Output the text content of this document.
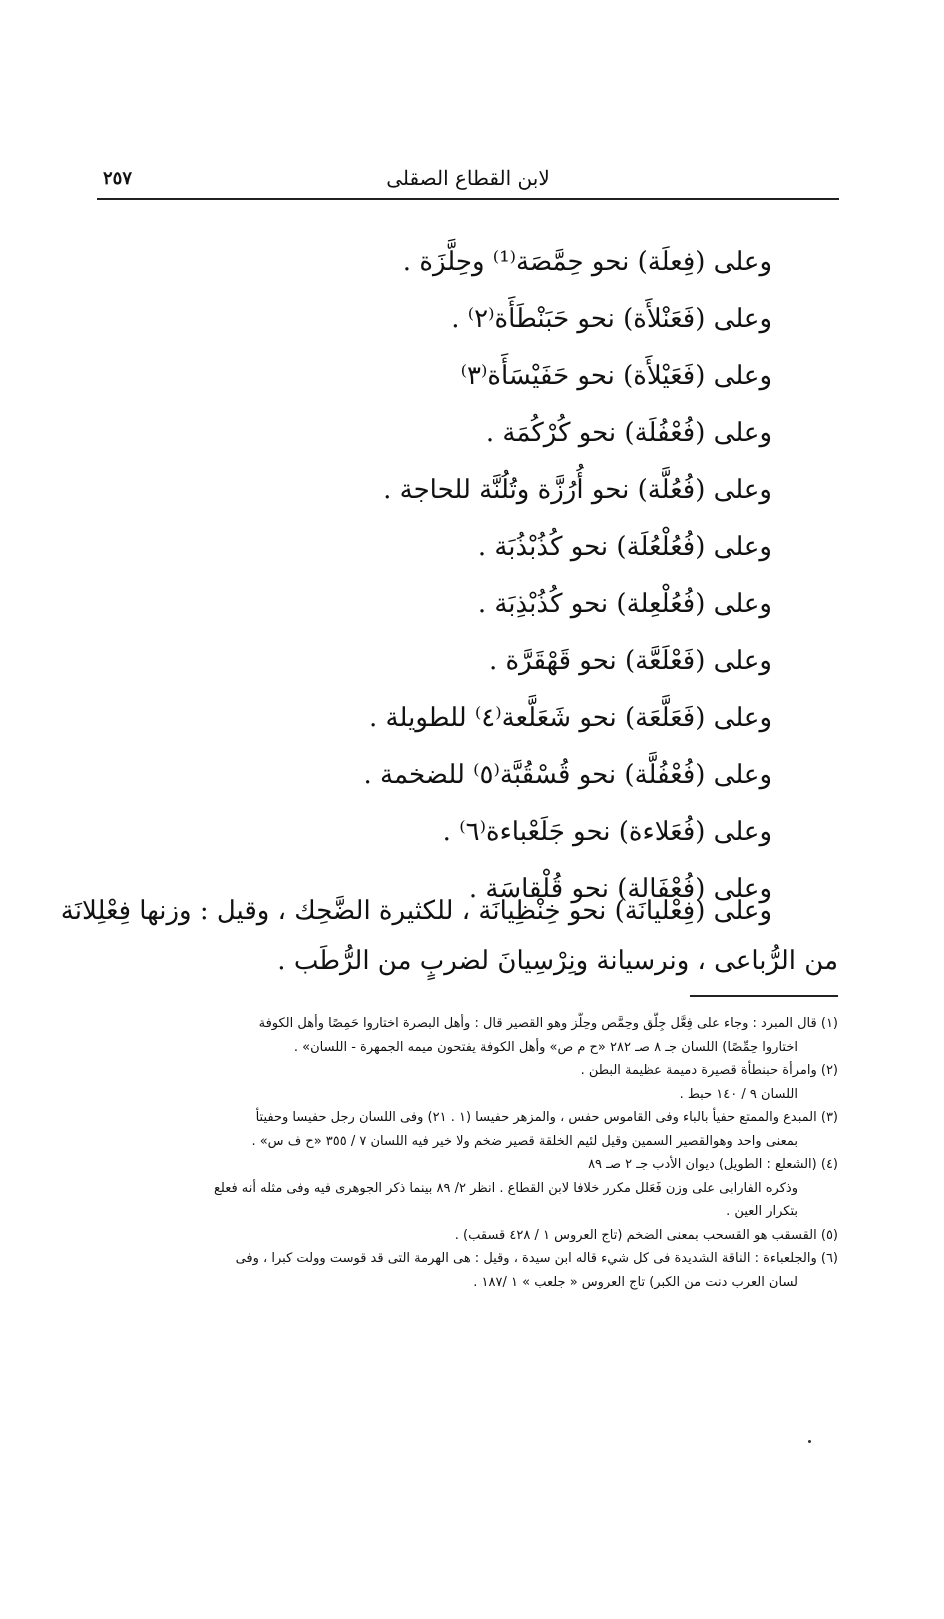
لابن القطاع الصقلى
٢٥٧
وعلى (فِعلَة) نحو حِمَّصَة⁽¹⁾ وحِلَّزَة .
وعلى (فَعَنْلأَة) نحو حَبَنْطَأَة⁽٢⁾ .
وعلى (فَعَيْلأَة) نحو حَفَيْسَأَة⁽٣⁾
وعلى (فُعْفُلَة) نحو كُرْكُمَة .
وعلى (فُعُلَّة) نحو أُرُزَّة وتُلُنَّة للحاجة .
وعلى (فُعُلْعُلَة) نحو كُذُبْذُبَة .
وعلى (فُعُلْعِلة) نحو كُذُبْذِبَة .
وعلى (فَعْلَعَّة) نحو قَهْقَرَّة .
وعلى (فَعَلَّعَة) نحو شَعَلَّعة⁽٤⁾ للطويلة .
وعلى (فُعْفُلَّة) نحو قُسْقُبَّة⁽٥⁾ للضخمة .
وعلى (فُعَلاءة) نحو جَلَعْباءة⁽٦⁾ .
وعلى (فُعْفَالة) نحو قُلْقاسَة .
وعلى (فِعْليانَة) نحو خِنْظِيانَة ، للكثيرة الضَّحِك ، وقيل : وزنها فِعْلِلانَة
من الرُّباعى ، ونرسيانة ونِرْسِيانَ لضربٍ من الرُّطَب .
(١) قال المبرد : وجاء على فِعَّل جِلَّق وحِمَّص وحِلَّز وهو القصير قال : وأهل البصرة اختاروا حَمِصًا وأهل الكوفة
اختاروا حِمِّصًا) اللسان جـ ٨ صـ ٢٨٢ «ح م ص» وأهل الكوفة يفتحون ميمه الجمهرة - اللسان» .
(٢) وامرأة حبنطأة قصيرة دميمة عظيمة البطن .
اللسان ٩ / ١٤٠ حبط .
(٣) المبدع والممتع حفيأ بالباء وفى القاموس حفس ، والمزهر حفيسا (١ . ٢١) وفى اللسان رجل حفيسا وحفيتأ
بمعنى واحد وهوالقصير السمين وقيل لئيم الخلقة قصير ضخم ولا خير فيه اللسان ٧ / ٣٥٥ «ح ف س» .
(٤) (الشعلع : الطويل) ديوان الأدب جـ ٢ صـ ٨٩
وذكره الفارابى على وزن فَعَلل مكرر خلافا لابن القطاع . انظر ٢/ ٨٩ بينما ذكر الجوهرى فيه وفى مثله أنه فعلع
بتكرار العين .
(٥) القسقب هو القسحب بمعنى الضخم (تاج العروس ١ / ٤٢٨ قسقب) .
(٦) والجلعباءة : الناقة الشديدة فى كل شيء قاله ابن سيدة ، وقيل : هى الهرمة التى قد قوست وولت كبرا ، وفى
لسان العرب دنت من الكبر) تاج العروس « جلعب » ١ /١٨٧ .
